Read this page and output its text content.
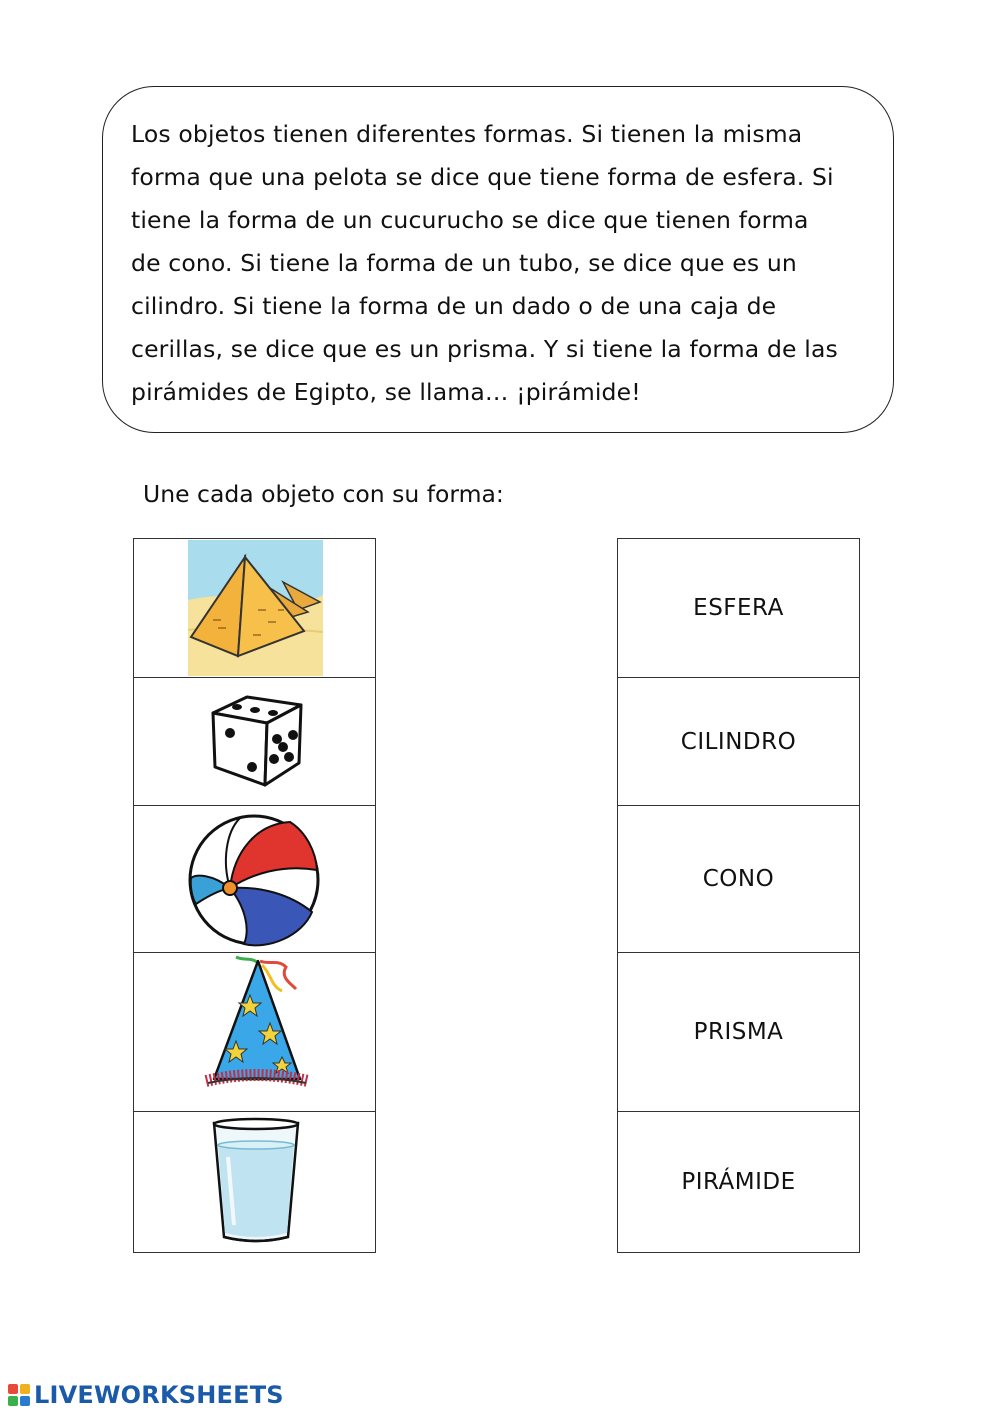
Los objetos tienen diferentes formas. Si tienen la misma

forma que una pelota se dice que tiene forma de esfera. Si

tiene la forma de un cucurucho se dice que tienen forma

de cono. Si tiene la forma de un tubo, se dice que es un

cilindro. Si tiene la forma de un dado o de una caja de

cerillas, se dice que es un prisma. Y si tiene la forma de las

pirámides de Egipto, se llama… ¡pirámide!

Une cada objeto con su forma:
ESFERA
CILINDRO
CONO
PRISMA
PIRÁMIDE
LIVEWORKSHEETS
